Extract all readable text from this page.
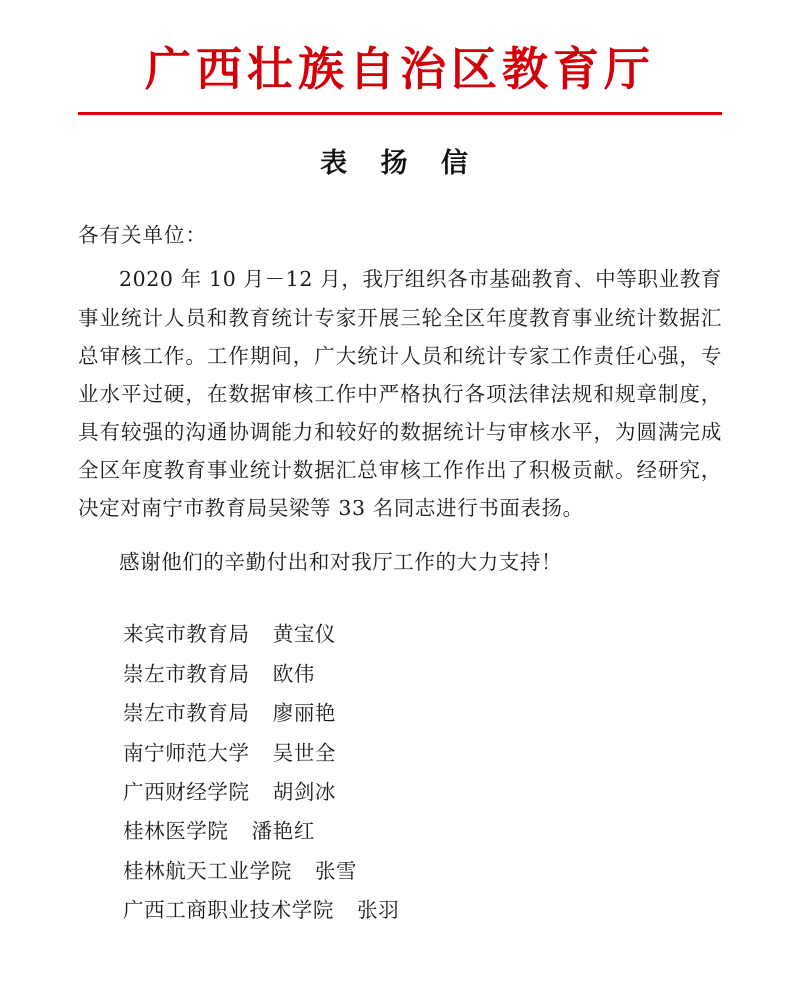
广西壮族自治区教育厅
表 扬 信
各有关单位：

2020 年 10 月－12 月，我厅组织各市基础教育、中等职业教育事业统计人员和教育统计专家开展三轮全区年度教育事业统计数据汇总审核工作。工作期间，广大统计人员和统计专家工作责任心强，专业水平过硬，在数据审核工作中严格执行各项法律法规和规章制度，具有较强的沟通协调能力和较好的数据统计与审核水平，为圆满完成全区年度教育事业统计数据汇总审核工作作出了积极贡献。经研究，决定对南宁市教育局吴梁等 33 名同志进行书面表扬。

感谢他们的辛勤付出和对我厅工作的大力支持！

来宾市教育局 黄宝仪
崇左市教育局 欧伟
崇左市教育局 廖丽艳
南宁师范大学 吴世全
广西财经学院 胡剑冰
桂林医学院 潘艳红
桂林航天工业学院 张雪
广西工商职业技术学院 张羽
